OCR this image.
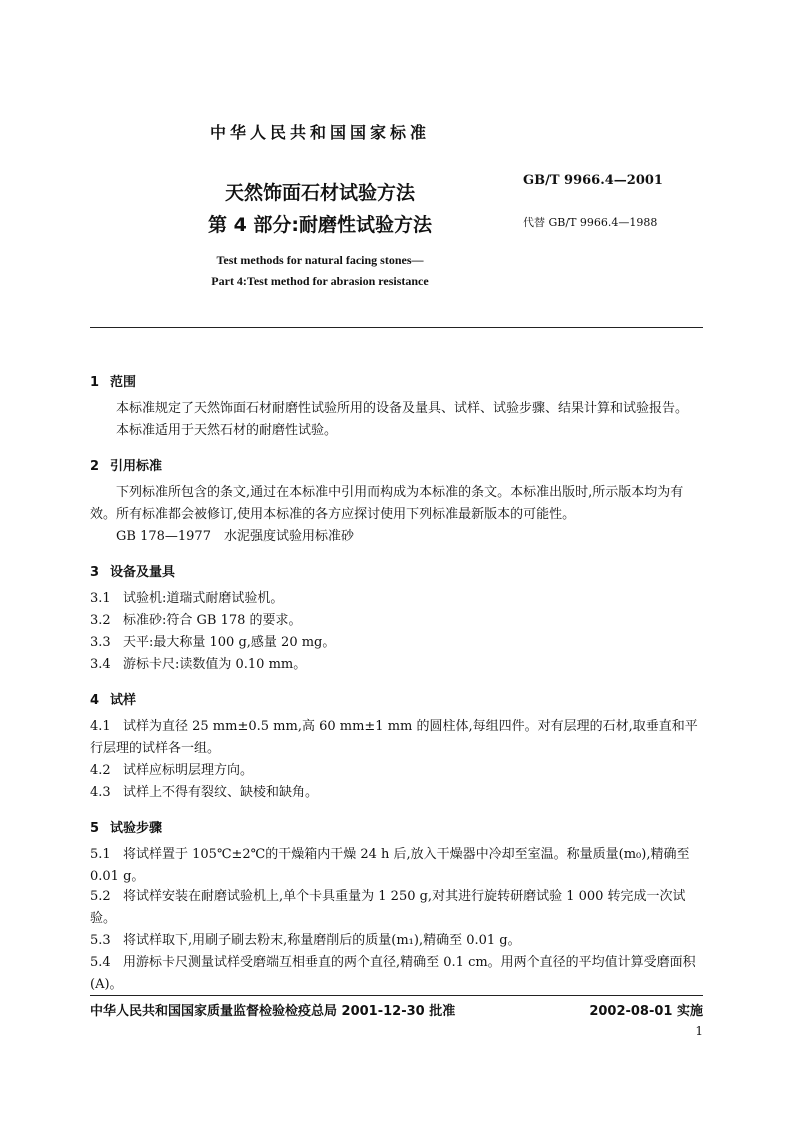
中华人民共和国国家标准
天然饰面石材试验方法
第 4 部分:耐磨性试验方法
Test methods for natural facing stones—
Part 4:Test method for abrasion resistance
GB/T 9966.4—2001
代替 GB/T 9966.4—1988
1 范围
本标准规定了天然饰面石材耐磨性试验所用的设备及量具、试样、试验步骤、结果计算和试验报告。
本标准适用于天然石材的耐磨性试验。
2 引用标准
下列标准所包含的条文,通过在本标准中引用而构成为本标准的条文。本标准出版时,所示版本均为有效。所有标准都会被修订,使用本标准的各方应探讨使用下列标准最新版本的可能性。
GB 178—1977　水泥强度试验用标准砂
3 设备及量具
3.1 试验机:道瑞式耐磨试验机。
3.2 标准砂:符合 GB 178 的要求。
3.3 天平:最大称量 100 g,感量 20 mg。
3.4 游标卡尺:读数值为 0.10 mm。
4 试样
4.1 试样为直径 25 mm±0.5 mm,高 60 mm±1 mm 的圆柱体,每组四件。对有层理的石材,取垂直和平行层理的试样各一组。
4.2 试样应标明层理方向。
4.3 试样上不得有裂纹、缺棱和缺角。
5 试验步骤
5.1 将试样置于 105℃±2℃的干燥箱内干燥 24 h 后,放入干燥器中冷却至室温。称量质量(m₀),精确至 0.01 g。
5.2 将试样安装在耐磨试验机上,单个卡具重量为 1 250 g,对其进行旋转研磨试验 1 000 转完成一次试验。
5.3 将试样取下,用刷子刷去粉末,称量磨削后的质量(m₁),精确至 0.01 g。
5.4 用游标卡尺测量试样受磨端互相垂直的两个直径,精确至 0.1 cm。用两个直径的平均值计算受磨面积(A)。
中华人民共和国国家质量监督检验检疫总局 2001-12-30 批准	2002-08-01 实施
1
